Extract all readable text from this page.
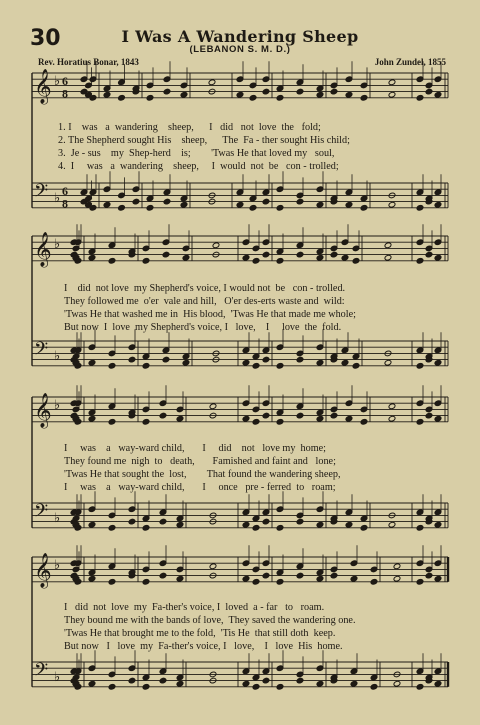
30	I Was A Wandering Sheep
(LEBANON S. M. D.)
Rev. Horatius Bonar, 1843	John Zundel, 1855
𝄞 ♭ 6
8
𝄢 ♭ 6
8
𝄞 ♭
𝄢 ♭
𝄞 ♭
𝄢 ♭
𝄞 ♭
𝄢 ♭
1. I    was   a  wandering    sheep,      I   did   not  love  the   fold;
2. The Shepherd sought His    sheep,      The  Fa - ther sought His child;
3.  Je - sus    my  Shep-herd    is;        'Twas He that loved my   soul,
4.  I     was   a  wandering    sheep,     I  would  not  be   con - trolled;
I    did  not love  my Shepherd's voice, I would not  be   con - trolled.
They followed me  o'er  vale and hill,   O'er des-erts waste and  wild:
'Twas He that washed me in  His blood,  'Twas He that made me whole;
But now  I  love  my Shepherd's voice, I   love,    I     love  the  fold.
I     was    a   way-ward child,       I     did    not   love my  home;
They found me  nigh  to   death,       Famished and faint and   lone;
'Twas He that sought the  lost,        That found the wandering sheep,
I     was    a   way-ward child,       I     once   pre - ferred  to   roam;
I   did  not  love  my  Fa-ther's voice, I  loved  a - far   to   roam.
They bound me with the bands of love,  They saved the wandering one.
'Twas He that brought me to the fold,  'Tis He  that still doth  keep.
But now   I   love  my  Fa-ther's voice, I   love,    I   love  His  home.
